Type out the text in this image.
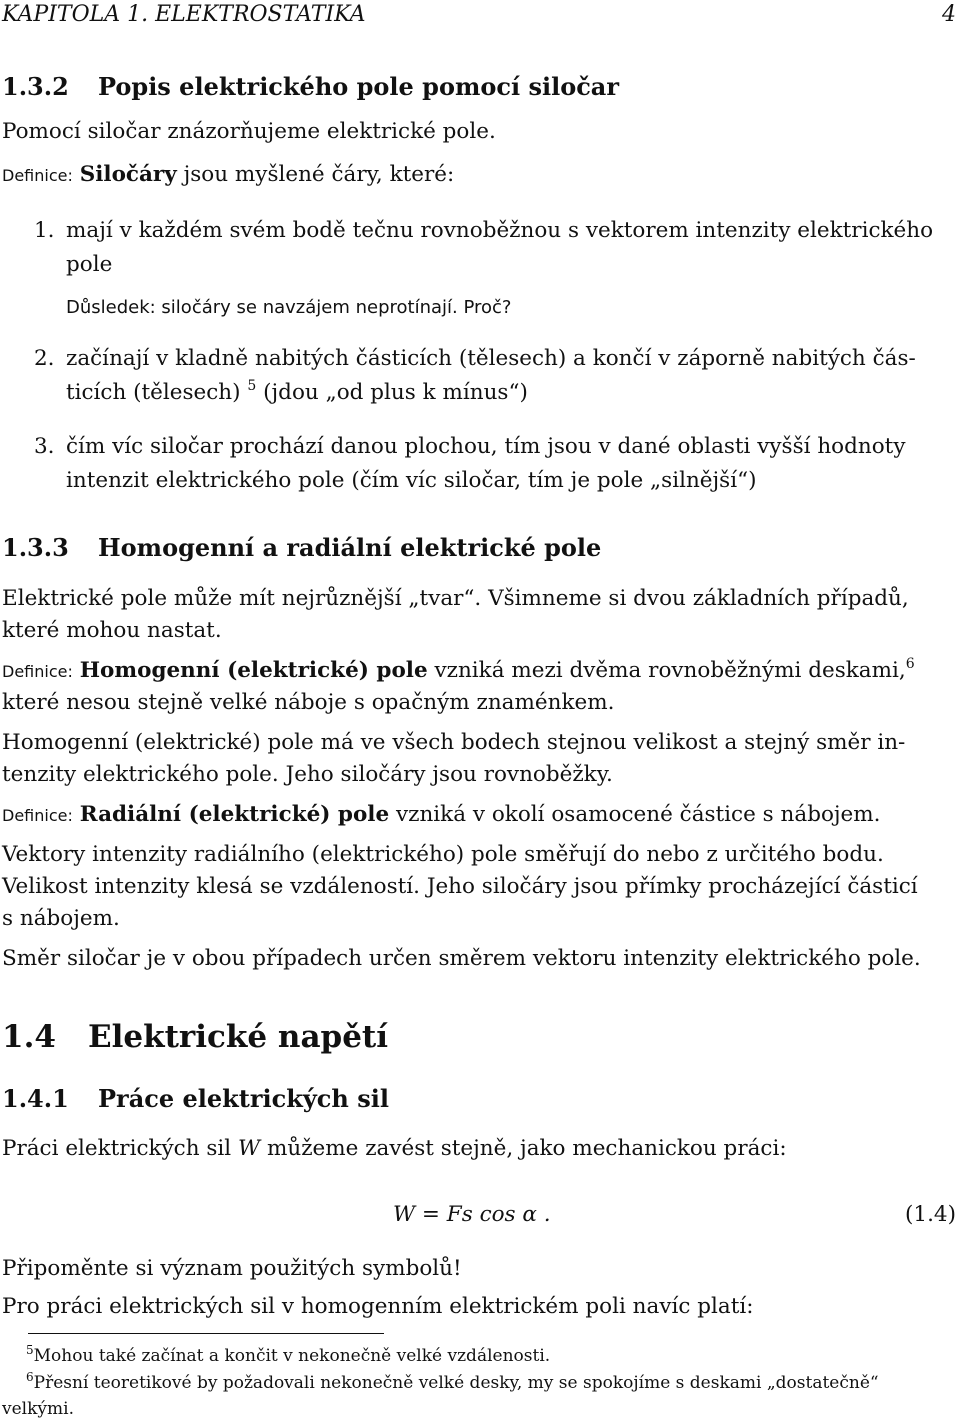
KAPITOLA 1. ELEKTROSTATIKA	4
1.3.2 Popis elektrického pole pomocí siločar
Pomocí siločar znázorňujeme elektrické pole.
Definice: Siločáry jsou myšlené čáry, které:
1. mají v každém svém bodě tečnu rovnoběžnou s vektorem intenzity elektrického
pole
Důsledek: siločáry se navzájem neprotínají. Proč?
2. začínají v kladně nabitých částicích (tělesech) a končí v záporně nabitých čás-
ticích (tělesech) $^5$ (jdou „od plus k mínus“)
3. čím víc siločar prochází danou plochou, tím jsou v dané oblasti vyšší hodnoty
intenzit elektrického pole (čím víc siločar, tím je pole „silnější“)
1.3.3 Homogenní a radiální elektrické pole
Elektrické pole může mít nejrůznější „tvar“. Všimneme si dvou základních případů,
které mohou nastat.
Definice: Homogenní (elektrické) pole vzniká mezi dvěma rovnoběžnými deskami,$^6$
které nesou stejně velké náboje s opačným znaménkem.
Homogenní (elektrické) pole má ve všech bodech stejnou velikost a stejný směr in-
tenzity elektrického pole. Jeho siločáry jsou rovnoběžky.
Definice: Radiální (elektrické) pole vzniká v okolí osamocené částice s nábojem.
Vektory intenzity radiálního (elektrického) pole směřují do nebo z určitého bodu.
Velikost intenzity klesá se vzdáleností. Jeho siločáry jsou přímky procházející částicí
s nábojem.
Směr siločar je v obou případech určen směrem vektoru intenzity elektrického pole.
1.4 Elektrické napětí
1.4.1 Práce elektrických sil
Práci elektrických sil W můžeme zavést stejně, jako mechanickou práci:
W = Fs cos α .	(1.4)
Připoměnte si význam použitých symbolů!
Pro práci elektrických sil v homogenním elektrickém poli navíc platí:
$^5$Mohou také začínat a končit v nekonečně velké vzdálenosti.
$^6$Přesní teoretikové by požadovali nekonečně velké desky, my se spokojíme s deskami „dostatečně“
velkými.
